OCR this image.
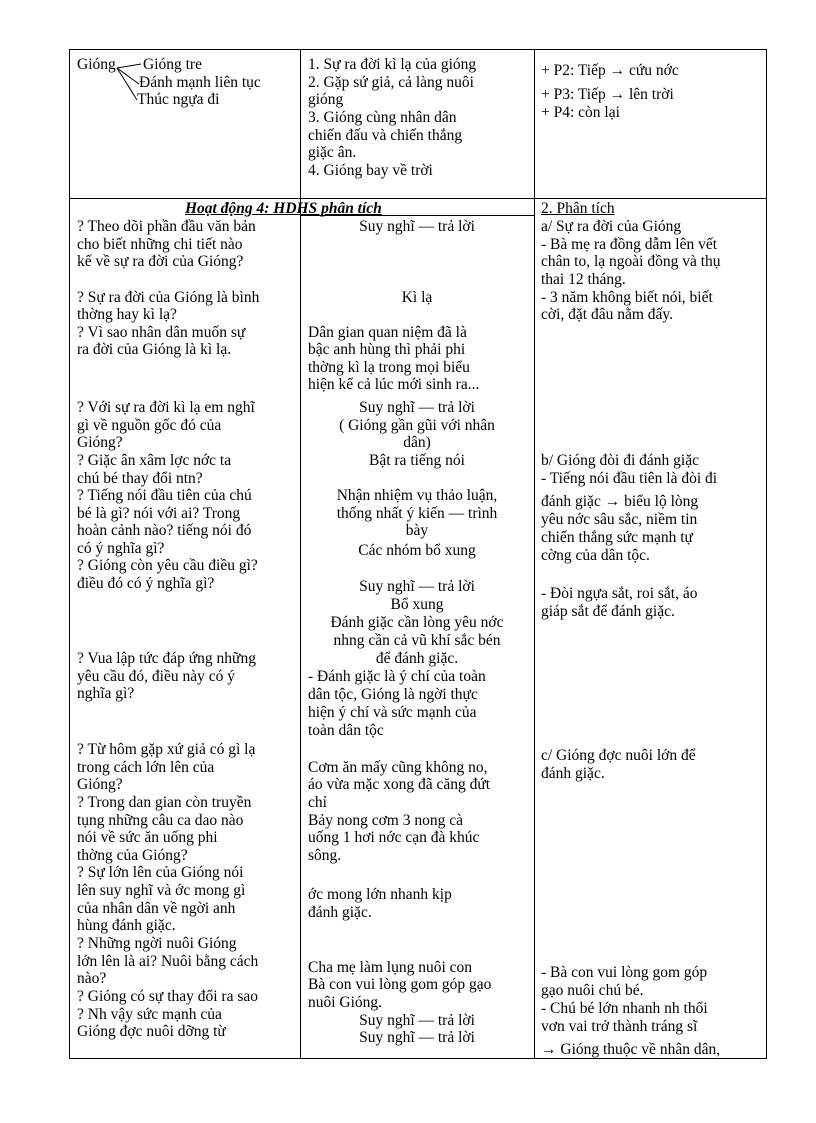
Gióng Gióng tre
Đánh mạnh liên tục
Thúc ngựa đi
1. Sự ra đời kì lạ của gióng
2. Gặp sứ giả, cả làng nuôi
gióng
3. Gióng cùng nhân dân
chiến đấu và chiến thắng
giặc ân.
4. Gióng bay về trời
+ P2: Tiếp → cứu nớc
+ P3: Tiếp → lên trời
+ P4: còn lại
Hoạt động 4: HDHS phân tích	2. Phân tích
? Theo dõi phần đầu văn bản
cho biết những chi tiết nào
kể về sự ra đời của Gióng?
? Sự ra đời của Gióng là bình
thờng hay kì lạ?
? Vì sao nhân dân muốn sự
ra đời của Gióng là kì lạ.
? Với sự ra đời kì lạ em nghĩ
gì về nguồn gốc đó của
Gióng?
? Giặc ân xâm lợc nớc ta
chú bé thay đổi ntn?
? Tiếng nói đầu tiên của chú
bé là gì? nói với ai? Trong
hoàn cảnh nào? tiếng nói đó
có ý nghĩa gì?
? Gióng còn yêu cầu điều gì?
điều đó có ý nghĩa gì?
? Vua lập tức đáp ứng những
yêu cầu đó, điều này có ý
nghĩa gì?
? Từ hôm gặp xứ giả có gì lạ
trong cách lớn lên của
Gióng?
? Trong dan gian còn truyền
tụng những câu ca dao nào
nói về sức ăn uống phi
thờng của Gióng?
? Sự lớn lên của Gióng nói
lên suy nghĩ và ớc mong gì
của nhân dân về ngời anh
hùng đánh giặc.
? Những ngời nuôi Gióng
lớn lên là ai? Nuôi bằng cách
nào?
? Gióng có sự thay đổi ra sao
? Nh vậy sức mạnh của
Gióng đợc nuôi dỡng từ
Suy nghĩ — trả lời
Kì lạ
Dân gian quan niệm đã là
bậc anh hùng thì phải phi
thờng kì lạ trong mọi biểu
hiện kể cả lúc mới sinh ra...
Suy nghĩ — trả lời
( Gióng gần gũi với nhân
dân)
Bật ra tiếng nói
Nhận nhiệm vụ thảo luận,
thống nhất ý kiến — trình
bày
Các nhóm bổ xung
Suy nghĩ — trả lời
Bổ xung
Đánh giặc cần lòng yêu nớc
nhng cần cả vũ khí sắc bén
để đánh giặc.
- Đánh giặc là ý chí của toàn
dân tộc, Gióng là ngời thực
hiện ý chí và sức mạnh của
toàn dân tộc
Cơm ăn mấy cũng không no,
áo vừa mặc xong đã căng đứt
chỉ
Bảy nong cơm 3 nong cà
uống 1 hơi nớc cạn đà khúc
sông.
ớc mong lớn nhanh kịp
đánh giặc.
Cha mẹ làm lụng nuôi con
Bà con vui lòng gom góp gạo
nuôi Gióng.
Suy nghĩ — trả lời
Suy nghĩ — trả lời
a/ Sự ra đời của Gióng
- Bà mẹ ra đồng dẫm lên vết
chân to, lạ ngoài đồng và thụ
thai 12 tháng.
- 3 năm không biết nói, biết
cời, đặt đâu nằm đấy.
b/ Gióng đòi đi đánh giặc
- Tiếng nói đầu tiên là đòi đi
đánh giặc → biểu lộ lòng
yêu nớc sâu sắc, niềm tin
chiến thắng sức mạnh tự
cờng của dân tộc.
- Đòi ngựa sắt, roi sắt, áo
giáp sắt để đánh giặc.
c/ Gióng đợc nuôi lớn để
đánh giặc.
- Bà con vui lòng gom góp
gạo nuôi chú bé.
- Chú bé lớn nhanh nh thổi
vơn vai trở thành tráng sĩ
→ Gióng thuộc về nhân dân,
